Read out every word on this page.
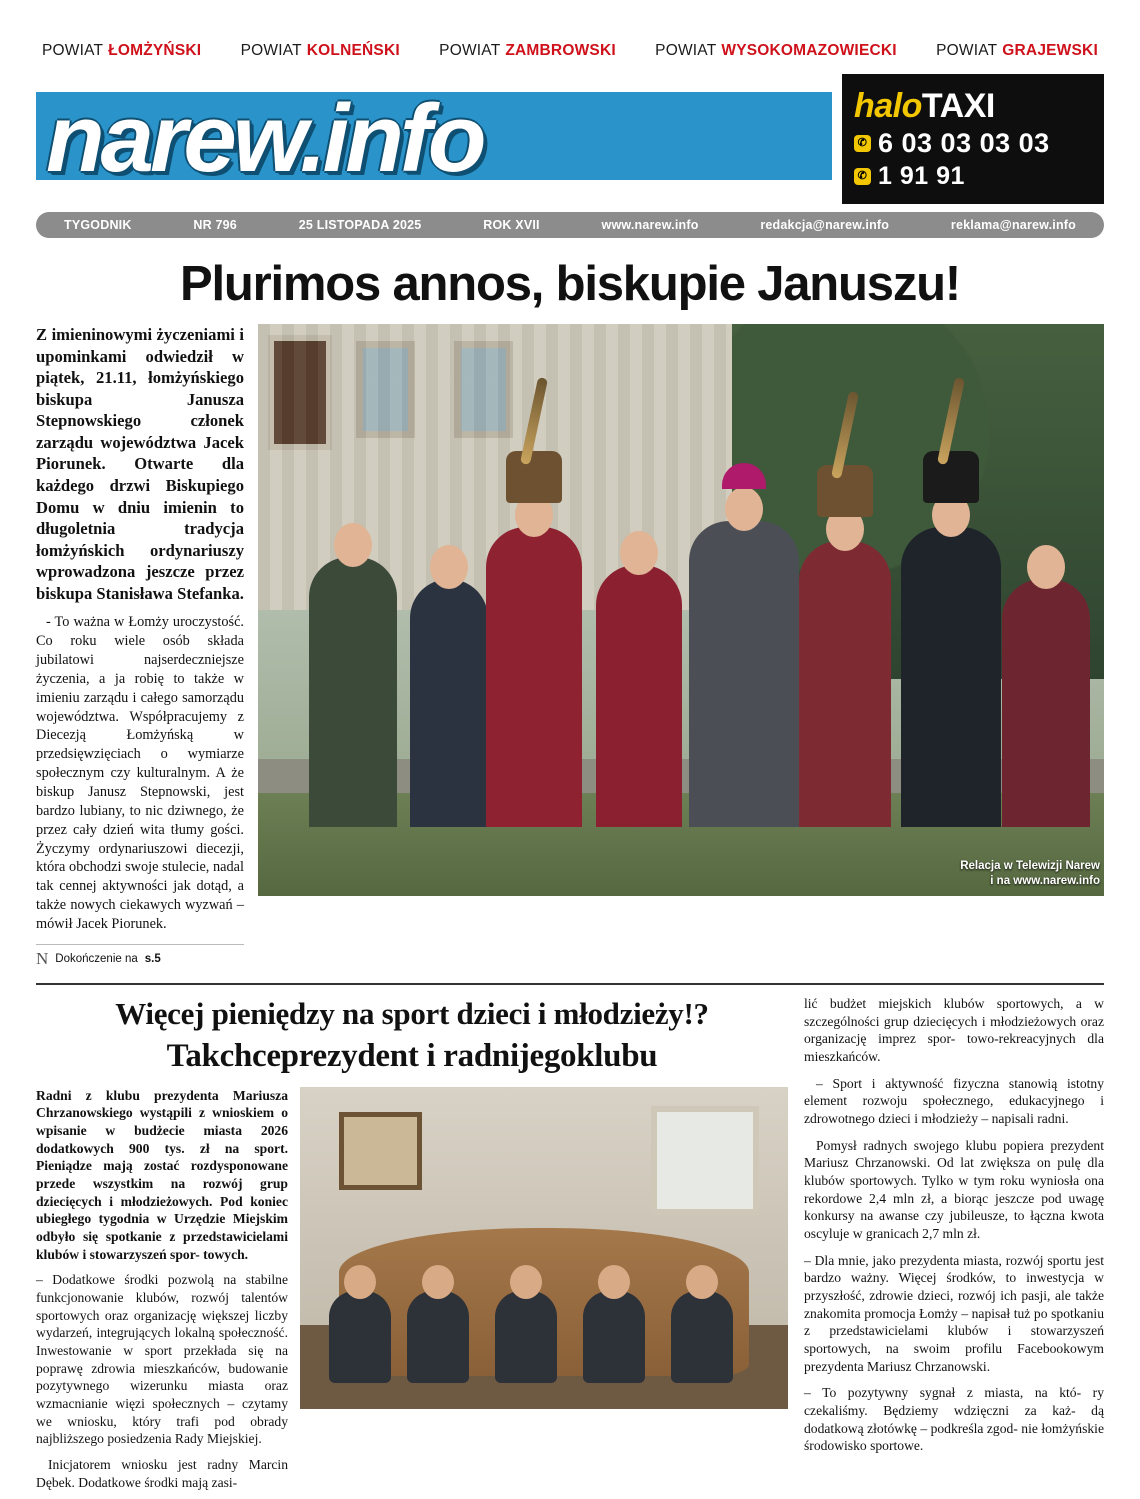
POWIAT ŁOMŻYŃSKI	POWIAT KOLNEŃSKI	POWIAT ZAMBROWSKI	POWIAT WYSOKOMAZOWIECKI	POWIAT GRAJEWSKI
narew.info	haloTAXI
✆ 6 03 03 03 03
✆ 1 91 91
TYGODNIK	NR 796	25 LISTOPADA 2025	ROK XVII	www.narew.info	redakcja@narew.info	reklama@narew.info
Plurimos annos, biskupie Januszu!
Z imieninowymi życzeniami i upominkami odwiedził w piątek, 21.11, łomżyńskiego biskupa Janusza Stepnowskiego członek zarządu województwa Jacek Piorunek. Otwarte dla każdego drzwi Biskupiego Domu w dniu imienin to długoletnia tradycja łomżyńskich ordynariuszy wprowadzona jeszcze przez biskupa Stanisława Stefanka.

- To ważna w Łomży uroczystość. Co roku wiele osób składa jubilatowi najserdeczniejsze życzenia, a ja robię to także w imieniu zarządu i całego samorządu województwa. Współpracujemy z Diecezją Łomżyńską w przedsięwzięciach o wymiarze społecznym czy kulturalnym. A że biskup Janusz Stepnowski, jest bardzo lubiany, to nic dziwnego, że przez cały dzień wita tłumy gości. Życzymy ordynariuszowi diecezji, która obchodzi swoje stulecie, nadal tak cennej aktywności jak dotąd, a także nowych ciekawych wyzwań – mówił Jacek Piorunek.

N Dokończenie na s.5
Relacja w Telewizji Narew
i na www.narew.info
Więcej pieniędzy na sport dzieci i młodzieży!?
Takchceprezydent i radnijegoklubu

Radni z klubu prezydenta Mariusza Chrzanowskiego wystąpili z wnioskiem o wpisanie w budżecie miasta 2026 dodatkowych 900 tys. zł na sport. Pieniądze mają zostać rozdysponowane przede wszystkim na rozwój grup dziecięcych i młodzieżowych. Pod koniec ubiegłego tygodnia w Urzędzie Miejskim odbyło się spotkanie z przedstawicielami klubów i stowarzyszeń spor- towych.

– Dodatkowe środki pozwolą na stabilne funkcjonowanie klubów, rozwój talentów sportowych oraz organizację większej liczby wydarzeń, integrujących lokalną społeczność. Inwestowanie w sport przekłada się na poprawę zdrowia mieszkańców, budowanie pozytywnego wizerunku miasta oraz wzmacnianie więzi społecznych – czytamy we wniosku, który trafi pod obrady najbliższego posiedzenia Rady Miejskiej.

Inicjatorem wniosku jest radny Marcin Dębek. Dodatkowe środki mają zasi-

lić budżet miejskich klubów sportowych, a w szczególności grup dziecięcych i młodzieżowych oraz organizację imprez spor- towo-rekreacyjnych dla mieszkańców.

– Sport i aktywność fizyczna stanowią istotny element rozwoju społecznego, edukacyjnego i zdrowotnego dzieci i młodzieży – napisali radni.

Pomysł radnych swojego klubu popiera prezydent Mariusz Chrzanowski. Od lat zwiększa on pulę dla klubów sportowych. Tylko w tym roku wyniosła ona rekordowe 2,4 mln zł, a biorąc jeszcze pod uwagę konkursy na awanse czy jubileusze, to łączna kwota oscyluje w granicach 2,7 mln zł.

– Dla mnie, jako prezydenta miasta, rozwój sportu jest bardzo ważny. Więcej środków, to inwestycja w przyszłość, zdrowie dzieci, rozwój ich pasji, ale także znakomita promocja Łomży – napisał tuż po spotkaniu z przedstawicielami klubów i stowarzyszeń sportowych, na swoim profilu Facebookowym prezydenta Mariusz Chrzanowski.

– To pozytywny sygnał z miasta, na któ- ry czekaliśmy. Będziemy wdzięczni za każ- dą dodatkową złotówkę – podkreśla zgod- nie łomżyńskie środowisko sportowe.
